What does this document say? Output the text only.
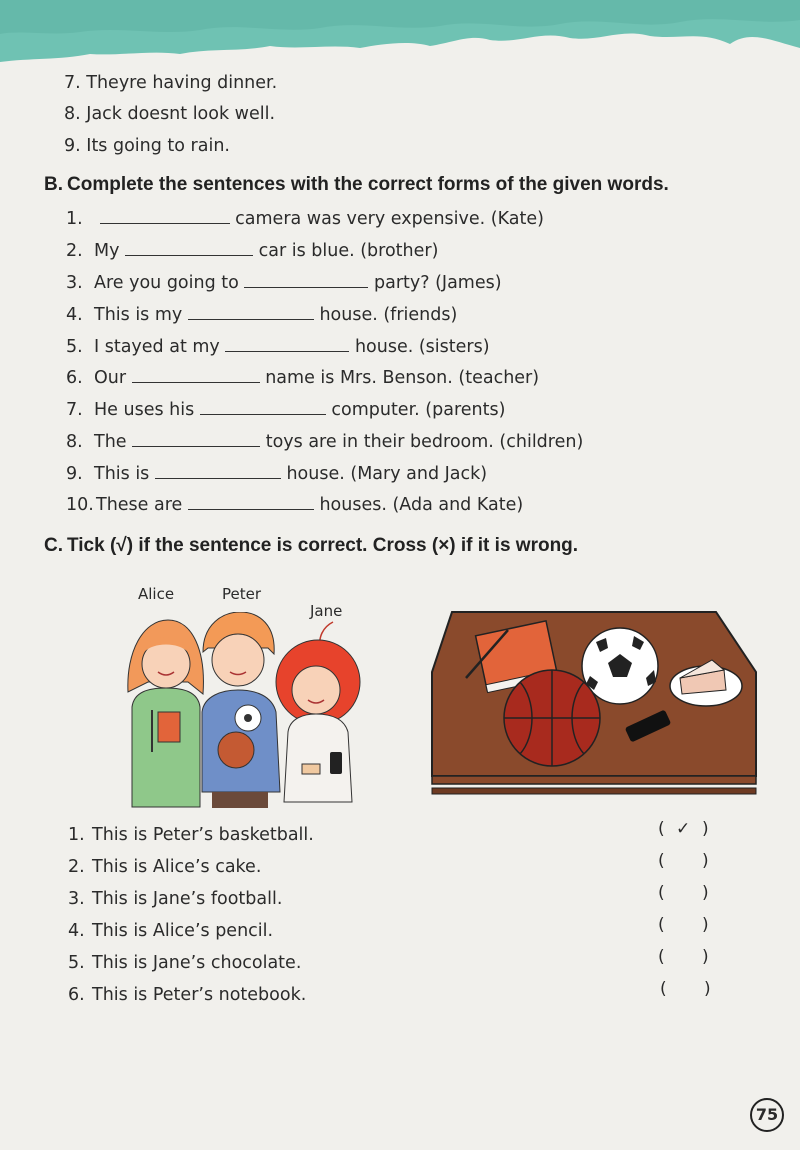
7. Theyre having dinner.
8. Jack doesnt look well.
9. Its going to rain.
B. Complete the sentences with the correct forms of the given words.
1.	camera was very expensive. (Kate)
2. My	car is blue. (brother)
3. Are you going to	party? (James)
4. This is my	house. (friends)
5. I stayed at my	house. (sisters)
6. Our	name is Mrs. Benson. (teacher)
7. He uses his	computer. (parents)
8. The	toys are in their bedroom. (children)
9. This is	house. (Mary and Jack)
10. These are	houses. (Ada and Kate)
C. Tick (√) if the sentence is correct. Cross (×) if it is wrong.
Alice	Peter
Jane
1. This is Peter’s basketball.	( ✓ )
2. This is Alice’s cake.	( )
3. This is Jane’s football.	( )
4. This is Alice’s pencil.	( )
5. This is Jane’s chocolate.	( )
6. This is Peter’s notebook.	( )
75
